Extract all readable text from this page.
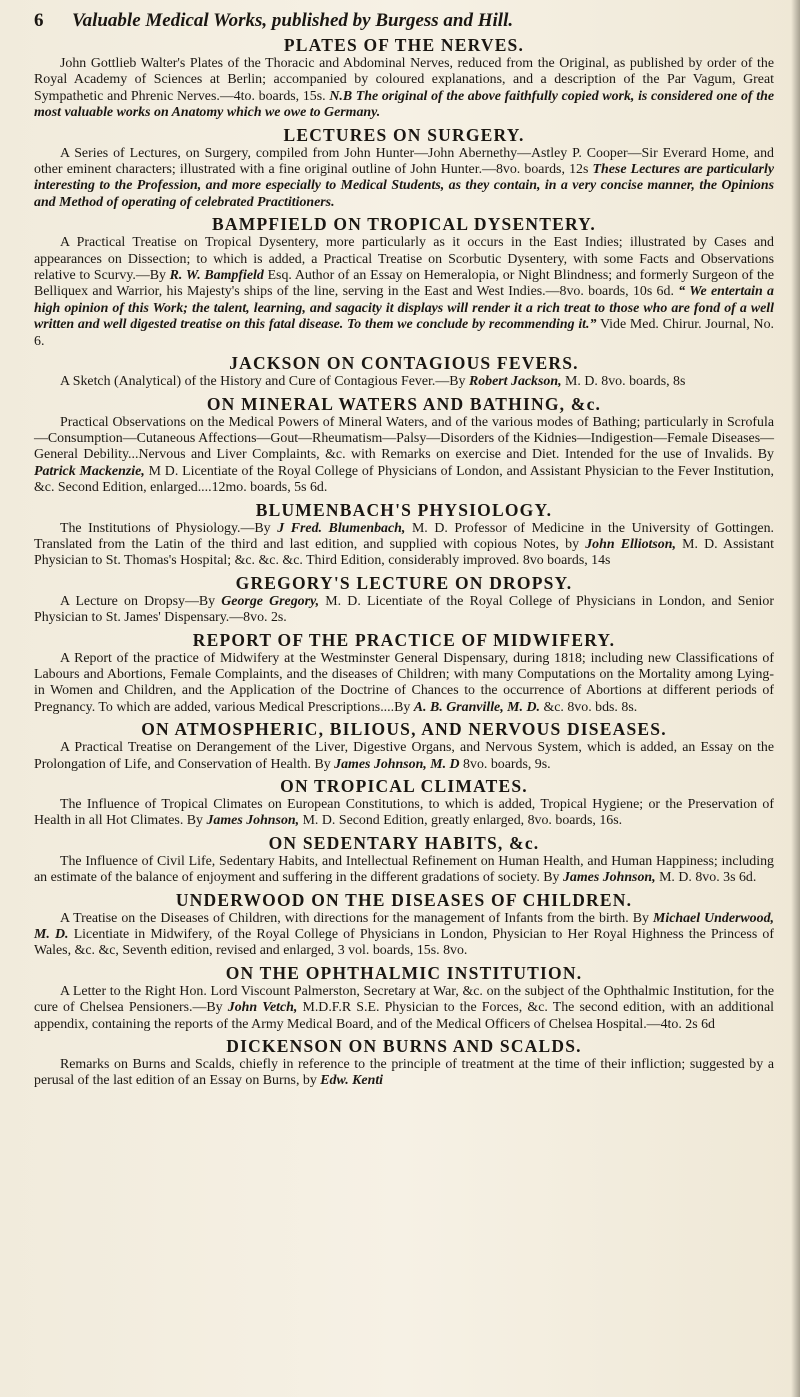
6 Valuable Medical Works, published by Burgess and Hill.
PLATES OF THE NERVES.

John Gottlieb Walter's Plates of the Thoracic and Abdominal Nerves, reduced from the Original, as published by order of the Royal Academy of Sciences at Berlin; accompanied by coloured explanations, and a description of the Par Vagum, Great Sympathetic and Phrenic Nerves.—4to. boards, 15s. N.B The original of the above faithfully copied work, is considered one of the most valuable works on Anatomy which we owe to Germany.

LECTURES ON SURGERY.

A Series of Lectures, on Surgery, compiled from John Hunter—John Abernethy—Astley P. Cooper—Sir Everard Home, and other eminent characters; illustrated with a fine original outline of John Hunter.—8vo. boards, 12s These Lectures are particularly interesting to the Profession, and more especially to Medical Students, as they contain, in a very concise manner, the Opinions and Method of operating of celebrated Practitioners.

BAMPFIELD ON TROPICAL DYSENTERY.

A Practical Treatise on Tropical Dysentery, more particularly as it occurs in the East Indies; illustrated by Cases and appearances on Dissection; to which is added, a Practical Treatise on Scorbutic Dysentery, with some Facts and Observations relative to Scurvy.—By R. W. Bampfield Esq. Author of an Essay on Hemeralopia, or Night Blindness; and formerly Surgeon of the Belliquex and Warrior, his Majesty's ships of the line, serving in the East and West Indies.—8vo. boards, 10s 6d. “ We entertain a high opinion of this Work; the talent, learning, and sagacity it displays will render it a rich treat to those who are fond of a well written and well digested treatise on this fatal disease. To them we conclude by recommending it.” Vide Med. Chirur. Journal, No. 6.

JACKSON ON CONTAGIOUS FEVERS.

A Sketch (Analytical) of the History and Cure of Contagious Fever.—By Robert Jackson, M. D. 8vo. boards, 8s

ON MINERAL WATERS AND BATHING, &c.

Practical Observations on the Medical Powers of Mineral Waters, and of the various modes of Bathing; particularly in Scrofula—Consumption—Cutaneous Affections—Gout—Rheumatism—Palsy—Disorders of the Kidnies—Indigestion—Female Diseases—General Debility...Nervous and Liver Complaints, &c. with Remarks on exercise and Diet. Intended for the use of Invalids. By Patrick Mackenzie, M D. Licentiate of the Royal College of Physicians of London, and Assistant Physician to the Fever Institution, &c. Second Edition, enlarged....12mo. boards, 5s 6d.

BLUMENBACH'S PHYSIOLOGY.

The Institutions of Physiology.—By J Fred. Blumenbach, M. D. Professor of Medicine in the University of Gottingen. Translated from the Latin of the third and last edition, and supplied with copious Notes, by John Elliotson, M. D. Assistant Physician to St. Thomas's Hospital; &c. &c. &c. Third Edition, considerably improved. 8vo boards, 14s

GREGORY'S LECTURE ON DROPSY.

A Lecture on Dropsy—By George Gregory, M. D. Licentiate of the Royal College of Physicians in London, and Senior Physician to St. James' Dispensary.—8vo. 2s.

REPORT OF THE PRACTICE OF MIDWIFERY.

A Report of the practice of Midwifery at the Westminster General Dispensary, during 1818; including new Classifications of Labours and Abortions, Female Complaints, and the diseases of Children; with many Computations on the Mortality among Lying-in Women and Children, and the Application of the Doctrine of Chances to the occurrence of Abortions at different periods of Pregnancy. To which are added, various Medical Prescriptions....By A. B. Granville, M. D. &c. 8vo. bds. 8s.

ON ATMOSPHERIC, BILIOUS, AND NERVOUS DISEASES.

A Practical Treatise on Derangement of the Liver, Digestive Organs, and Nervous System, which is added, an Essay on the Prolongation of Life, and Conservation of Health. By James Johnson, M. D 8vo. boards, 9s.

ON TROPICAL CLIMATES.

The Influence of Tropical Climates on European Constitutions, to which is added, Tropical Hygiene; or the Preservation of Health in all Hot Climates. By James Johnson, M. D. Second Edition, greatly enlarged, 8vo. boards, 16s.

ON SEDENTARY HABITS, &c.

The Influence of Civil Life, Sedentary Habits, and Intellectual Refinement on Human Health, and Human Happiness; including an estimate of the balance of enjoyment and suffering in the different gradations of society. By James Johnson, M. D. 8vo. 3s 6d.

UNDERWOOD ON THE DISEASES OF CHILDREN.

A Treatise on the Diseases of Children, with directions for the management of Infants from the birth. By Michael Underwood, M. D. Licentiate in Midwifery, of the Royal College of Physicians in London, Physician to Her Royal Highness the Princess of Wales, &c. &c, Seventh edition, revised and enlarged, 3 vol. boards, 15s. 8vo.

ON THE OPHTHALMIC INSTITUTION.

A Letter to the Right Hon. Lord Viscount Palmerston, Secretary at War, &c. on the subject of the Ophthalmic Institution, for the cure of Chelsea Pensioners.—By John Vetch, M.D.F.R S.E. Physician to the Forces, &c. The second edition, with an additional appendix, containing the reports of the Army Medical Board, and of the Medical Officers of Chelsea Hospital.—4to. 2s 6d

DICKENSON ON BURNS AND SCALDS.

Remarks on Burns and Scalds, chiefly in reference to the principle of treatment at the time of their infliction; suggested by a perusal of the last edition of an Essay on Burns, by Edw. Kenti
